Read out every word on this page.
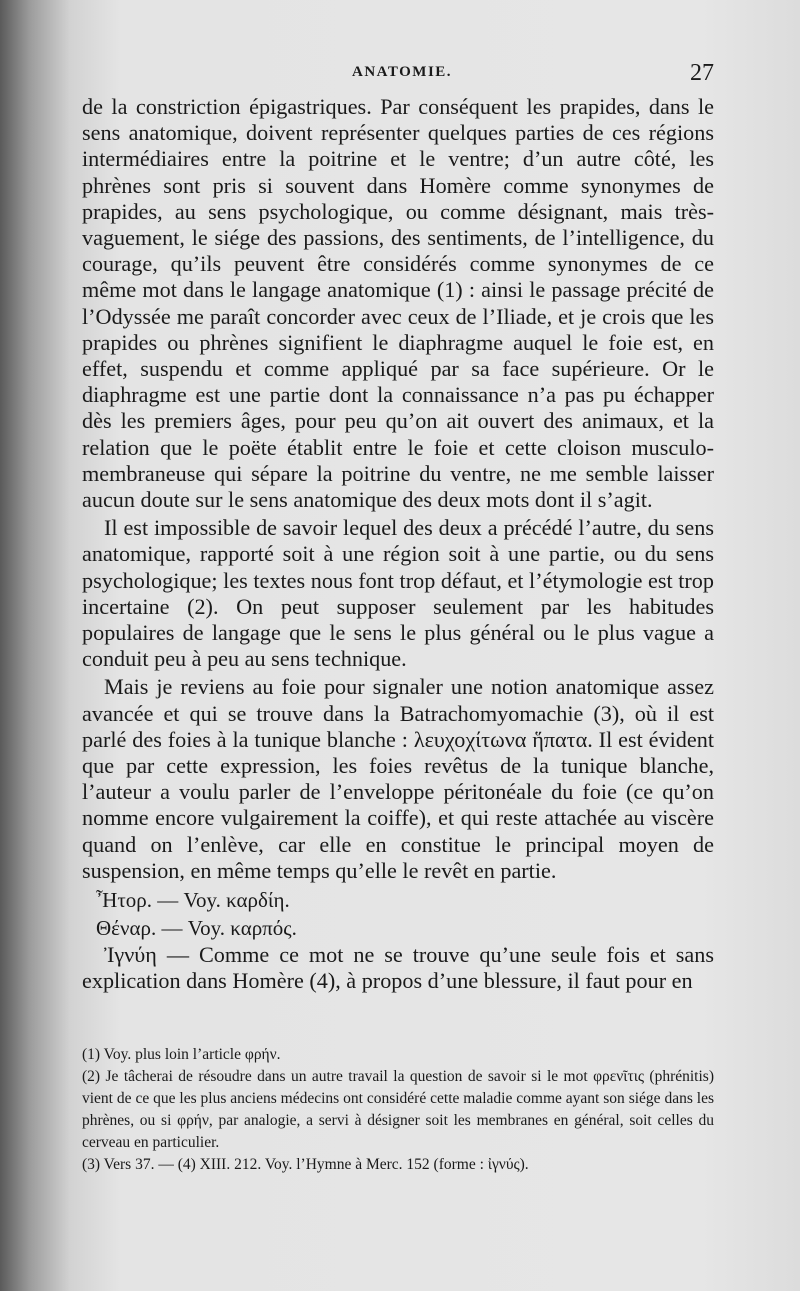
ANATOMIE.	27

de la constriction épigastriques. Par conséquent les pr͏apides, dans le sens anatomique, doivent représenter quelques parties de ces régions intermédiaires entre la poitrine et le ventre; d’un autre côté, les phrènes sont pris si souvent dans Homère comme synonymes de prapides, au sens psychologique, ou comme désignant, mais très-vaguement, le siége des passions, des sentiments, de l’intelligence, du courage, qu’ils peuvent être considérés comme synonymes de ce même mot dans le langage anatomique (1) : ainsi le passage précité de l’Odyssée me paraît concorder avec ceux de l’Iliade, et je crois que les prapides ou phrènes signifient le diaphragme auquel le foie est, en effet, suspendu et comme appliqué par sa face supérieure. Or le diaphragme est une partie dont la connaissance n’a pas pu échapper dès les premiers âges, pour peu qu’on ait ouvert des animaux, et la relation que le poëte établit entre le foie et cette cloison musculo-membraneuse qui sépare la poitrine du ventre, ne me semble laisser aucun doute sur le sens anatomique des deux mots dont il s’agit.

Il est impossible de savoir lequel des deux a précédé l’autre, du sens anatomique, rapporté soit à une région soit à une partie, ou du sens psychologique; les textes nous font trop défaut, et l’étymologie est trop incertaine (2). On peut supposer seulement par les habitudes populaires de langage que le sens le plus général ou le plus vague a conduit peu à peu au sens technique.

Mais je reviens au foie pour signaler une notion anatomique assez avancée et qui se trouve dans la Batrachomyomachie (3), où il est parlé des foies à la tunique blanche : λευχοχίτωνα ἥπατα. Il est évident que par cette expression, les foies revêtus de la tunique blanche, l’auteur a voulu parler de l’enveloppe péritonéale du foie (ce qu’on nomme encore vulgairement la coiffe), et qui reste attachée au viscère quand on l’enlève, car elle en constitue le principal moyen de suspension, en même temps qu’elle le revêt en partie.

Ἦτορ. — Voy. καρδίη.
Θέναρ. — Voy. καρπός.

Ἰγνύη — Comme ce mot ne se trouve qu’une seule fois et sans explication dans Homère (4), à propos d’une blessure, il faut pour en

(1) Voy. plus loin l’article φρήν.
(2) Je tâcherai de résoudre dans un autre travail la question de savoir si le mot φρενῖτις (phrénitis) vient de ce que les plus anciens médecins ont considéré cette maladie comme ayant son siége dans les phrènes, ou si φρήν, par analogie, a servi à désigner soit les membranes en général, soit celles du cerveau en particulier.
(3) Vers 37. — (4) XIII. 212. Voy. l’Hymne à Merc. 152 (forme : ἰγνύς).
